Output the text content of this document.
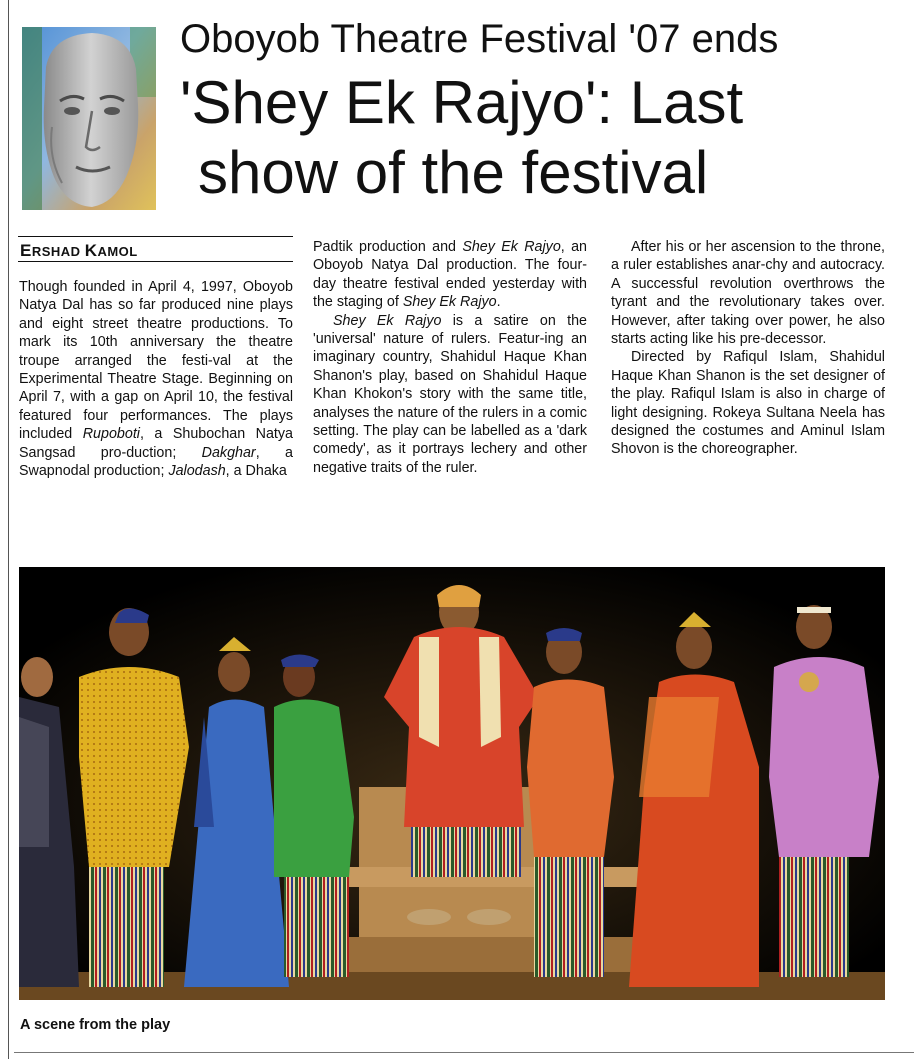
Oboyob Theatre Festival '07 ends
'Shey Ek Rajyo': Last
show of the festival
ERSHAD KAMOL

Though founded in April 4, 1997, Oboyob Natya Dal has so far produced nine plays and eight street theatre productions. To mark its 10th anniversary the theatre troupe arranged the festi-val at the Experimental Theatre Stage. Beginning on April 7, with a gap on April 10, the festival featured four performances. The plays included Rupoboti, a Shubochan Natya Sangsad pro-duction; Dakghar, a Swapnodal production; Jalodash, a Dhaka

Padtik production and Shey Ek Rajyo, an Oboyob Natya Dal production. The four-day theatre festival ended yesterday with the staging of Shey Ek Rajyo.

Shey Ek Rajyo is a satire on the 'universal' nature of rulers. Featur-ing an imaginary country, Shahidul Haque Khan Shanon's play, based on Shahidul Haque Khan Khokon's story with the same title, analyses the nature of the rulers in a comic setting. The play can be labelled as a 'dark comedy', as it portrays lechery and other negative traits of the ruler.

After his or her ascension to the throne, a ruler establishes anar-chy and autocracy. A successful revolution overthrows the tyrant and the revolutionary takes over. However, after taking over power, he also starts acting like his pre-decessor.

Directed by Rafiqul Islam, Shahidul Haque Khan Shanon is the set designer of the play. Rafiqul Islam is also in charge of light designing. Rokeya Sultana Neela has designed the costumes and Aminul Islam Shovon is the choreographer.

A scene from the play
